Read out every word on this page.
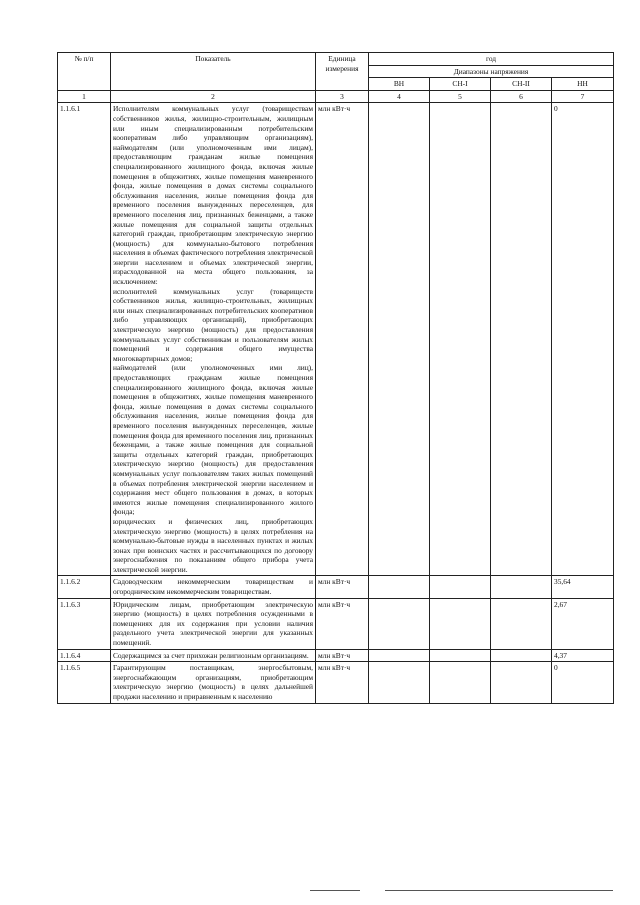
№ п/п	Показатель	Единица измерения	год			
			Диапазоны напряжения			
			ВН	СН-I	СН-II	НН
1	2	3	4	5	6	7
1.1.6.1	Исполнителям коммунальных услуг (товариществам собственников жилья, жилищно-строительным, жилищным или иным специализированным потребительским кооперативам либо управляющим организациям), наймодателям (или уполномоченным ими лицам), предоставляющим гражданам жилые помещения специализированного жилищного фонда, включая жилые помещения в общежитиях, жилые помещения маневренного фонда, жилые помещения в домах системы социального обслуживания населения, жилые помещения фонда для временного поселения вынужденных переселенцев, для временного поселения лиц, признанных беженцами, а также жилые помещения для социальной защиты отдельных категорий граждан, приобретающим электрическую энергию (мощность) для коммунально-бытового потребления населения в объемах фактического потребления электрической энергии населением и объемах электрической энергии, израсходованной на места общего пользования, за исключением:

исполнителей коммунальных услуг (товариществ собственников жилья, жилищно-строительных, жилищных или иных специализированных потребительских кооперативов либо управляющих организаций), приобретающих электрическую энергию (мощность) для предоставления коммунальных услуг собственникам и пользователям жилых помещений и содержания общего имущества многоквартирных домов;

наймодателей (или уполномоченных ими лиц), предоставляющих гражданам жилые помещения специализированного жилищного фонда, включая жилые помещения в общежитиях, жилые помещения маневренного фонда, жилые помещения в домах системы социального обслуживания населения, жилые помещения фонда для временного поселения вынужденных переселенцев, жилые помещения фонда для временного поселения лиц, признанных беженцами, а также жилые помещения для социальной защиты отдельных категорий граждан, приобретающих электрическую энергию (мощность) для предоставления коммунальных услуг пользователям таких жилых помещений в объемах потребления электрической энергии населением и содержания мест общего пользования в домах, в которых имеются жилые помещения специализированного жилого фонда;

юридических и физических лиц, приобретающих электрическую энергию (мощность) в целях потребления на коммунально-бытовые нужды в населенных пунктах и жилых зонах при воинских частях и рассчитывающихся по договору энергоснабжения по показаниям общего прибора учета электрической энергии.	млн кВт·ч				0
1.1.6.2	Садоводческим некоммерческим товариществам и огородническим некоммерческим товариществам.	млн кВт·ч				35,64
1.1.6.3	Юридическим лицам, приобретающим электрическую энергию (мощность) в целях потребления осужденными в помещениях для их содержания при условии наличия раздельного учета электрической энергии для указанных помещений.	млн кВт·ч				2,67
1.1.6.4	Содержащимся за счет прихожан религиозным организациям.	млн кВт·ч				4,37
1.1.6.5	Гарантирующим поставщикам, энергосбытовым, энергоснабжающим организациям, приобретающим электрическую энергию (мощность) в целях дальнейшей продажи населению и приравненным к населению	млн кВт·ч				0
